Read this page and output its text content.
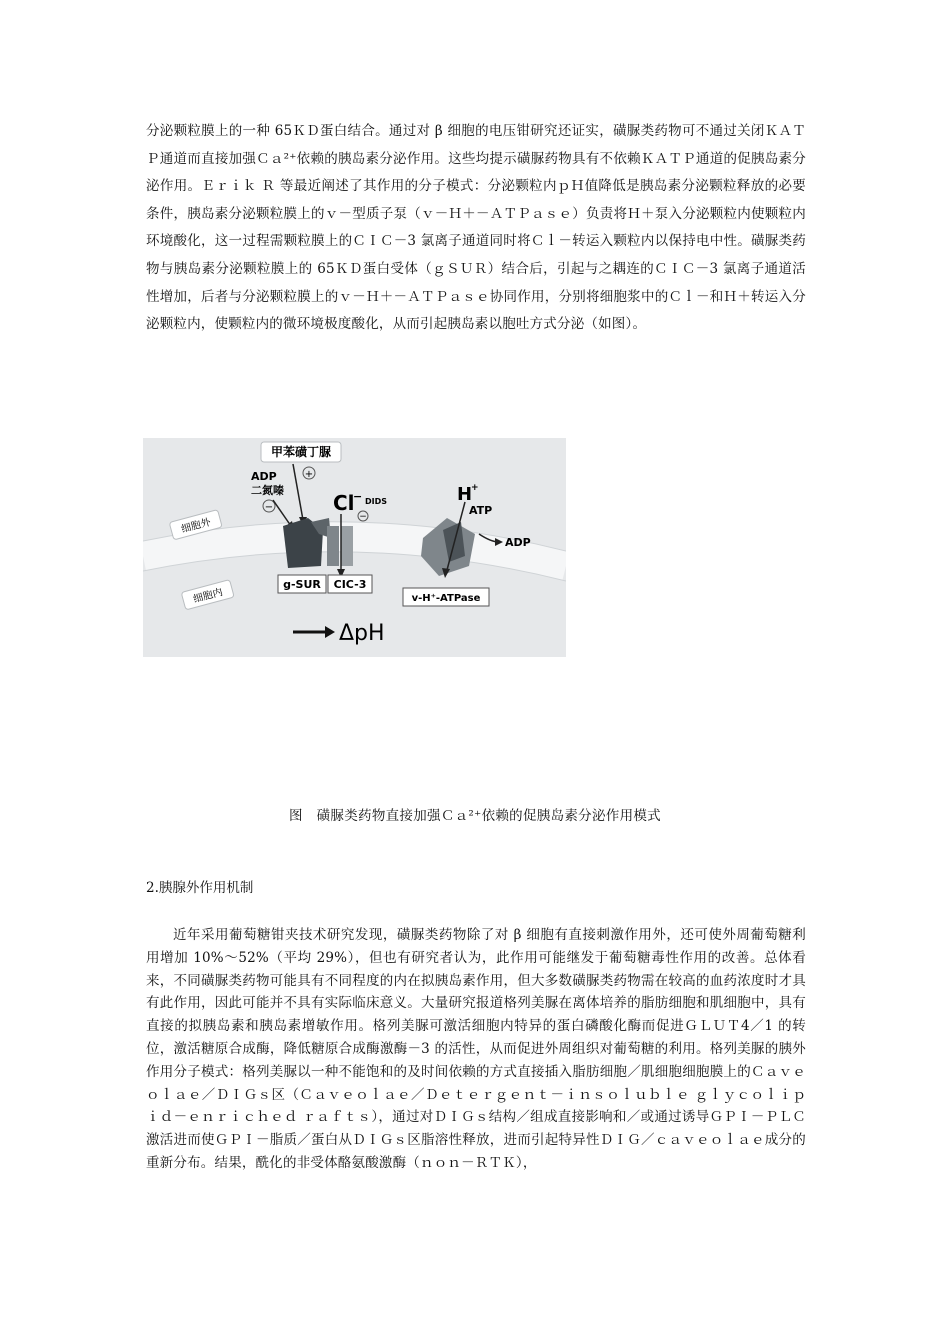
分泌颗粒膜上的一种 65ＫＤ蛋白结合。通过对 β 细胞的电压钳研究还证实，磺脲类药物可不通过关闭ＫＡＴＰ通道而直接加强Ｃａ²⁺依赖的胰岛素分泌作用。这些均提示磺脲药物具有不依赖ＫＡＴＰ通道的促胰岛素分泌作用。Ｅｒｉｋ Ｒ 等最近阐述了其作用的分子模式：分泌颗粒内ｐＨ值降低是胰岛素分泌颗粒释放的必要条件，胰岛素分泌颗粒膜上的ｖ－型质子泵（ｖ－Ｈ＋－ＡＴＰａｓｅ）负责将Ｈ＋泵入分泌颗粒内使颗粒内环境酸化，这一过程需颗粒膜上的ＣＩＣ－3 氯离子通道同时将Ｃｌ－转运入颗粒内以保持电中性。磺脲类药物与胰岛素分泌颗粒膜上的 65ＫＤ蛋白受体（ｇＳＵＲ）结合后，引起与之耦连的ＣＩＣ－3 氯离子通道活性增加，后者与分泌颗粒膜上的ｖ－Ｈ＋－ＡＴＰａｓｅ协同作用，分别将细胞浆中的Ｃｌ－和Ｈ＋转运入分泌颗粒内，使颗粒内的微环境极度酸化，从而引起胰岛素以胞吐方式分泌（如图）。

甲苯磺丁脲
+
ADP
二氮嗪
−	Cl
− DIDS
−
H
+
ATP
ADP
细胞外
细胞内
g-SUR CIC-3
v-H⁺-ATPase
ΔpH
图　磺脲类药物直接加强Ｃａ²⁺依赖的促胰岛素分泌作用模式
2.胰腺外作用机制

近年采用葡萄糖钳夹技术研究发现，磺脲类药物除了对 β 细胞有直接刺激作用外，还可使外周葡萄糖利用增加 10%～52%（平均 29%），但也有研究者认为，此作用可能继发于葡萄糖毒性作用的改善。总体看来，不同磺脲类药物可能具有不同程度的内在拟胰岛素作用，但大多数磺脲类药物需在较高的血药浓度时才具有此作用，因此可能并不具有实际临床意义。大量研究报道格列美脲在离体培养的脂肪细胞和肌细胞中，具有直接的拟胰岛素和胰岛素增敏作用。格列美脲可激活细胞内特异的蛋白磷酸化酶而促进ＧＬＵＴ4／1 的转位，激活糖原合成酶，降低糖原合成酶激酶－3 的活性，从而促进外周组织对葡萄糖的利用。格列美脲的胰外作用分子模式：格列美脲以一种不能饱和的及时间依赖的方式直接插入脂肪细胞／肌细胞细胞膜上的Ｃａｖｅｏｌａｅ／ＤＩＧｓ区（Ｃａｖｅｏｌａｅ／Ｄｅｔｅｒｇｅｎｔ－ｉｎｓｏｌｕｂｌｅ ｇｌｙｃｏｌｉｐｉｄ－ｅｎｒｉｃｈｅｄ ｒａｆｔｓ），通过对ＤＩＧｓ结构／组成直接影响和／或通过诱导ＧＰＩ－ＰＬＣ激活进而使ＧＰＩ－脂质／蛋白从ＤＩＧｓ区脂溶性释放，进而引起特异性ＤＩＧ／ｃａｖｅｏｌａｅ成分的重新分布。结果，酰化的非受体酪氨酸激酶（ｎｏｎ－ＲＴＫ），
